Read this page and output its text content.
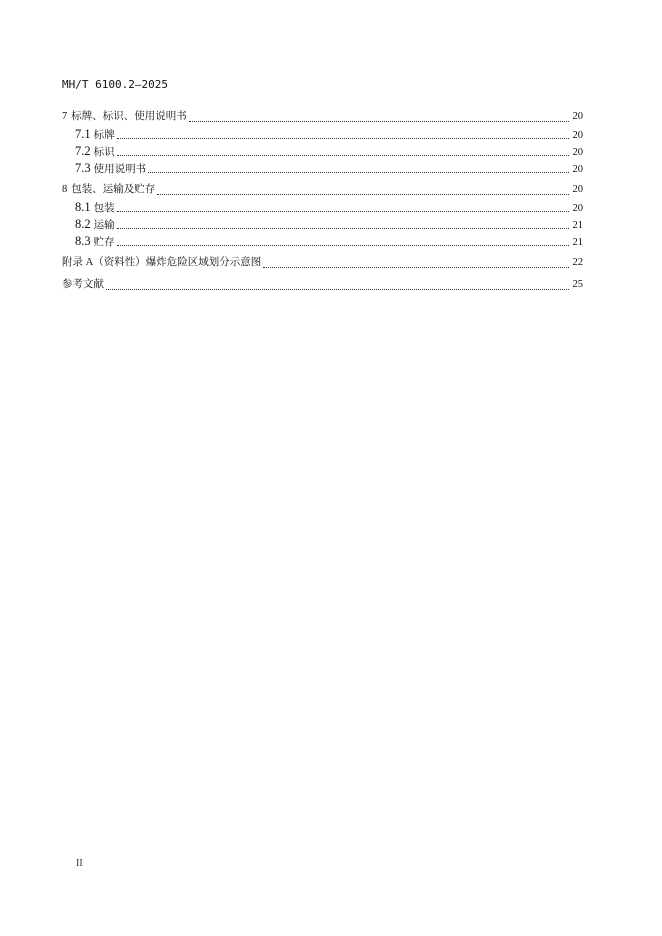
MH/T 6100.2—2025
7 标牌、标识、使用说明书	20
7.1 标牌	20
7.2 标识	20
7.3 使用说明书	20
8 包装、运输及贮存	20
8.1 包装	20
8.2 运输	21
8.3 贮存	21
附录 A（资料性）爆炸危险区域划分示意图	22
参考文献	25
II
